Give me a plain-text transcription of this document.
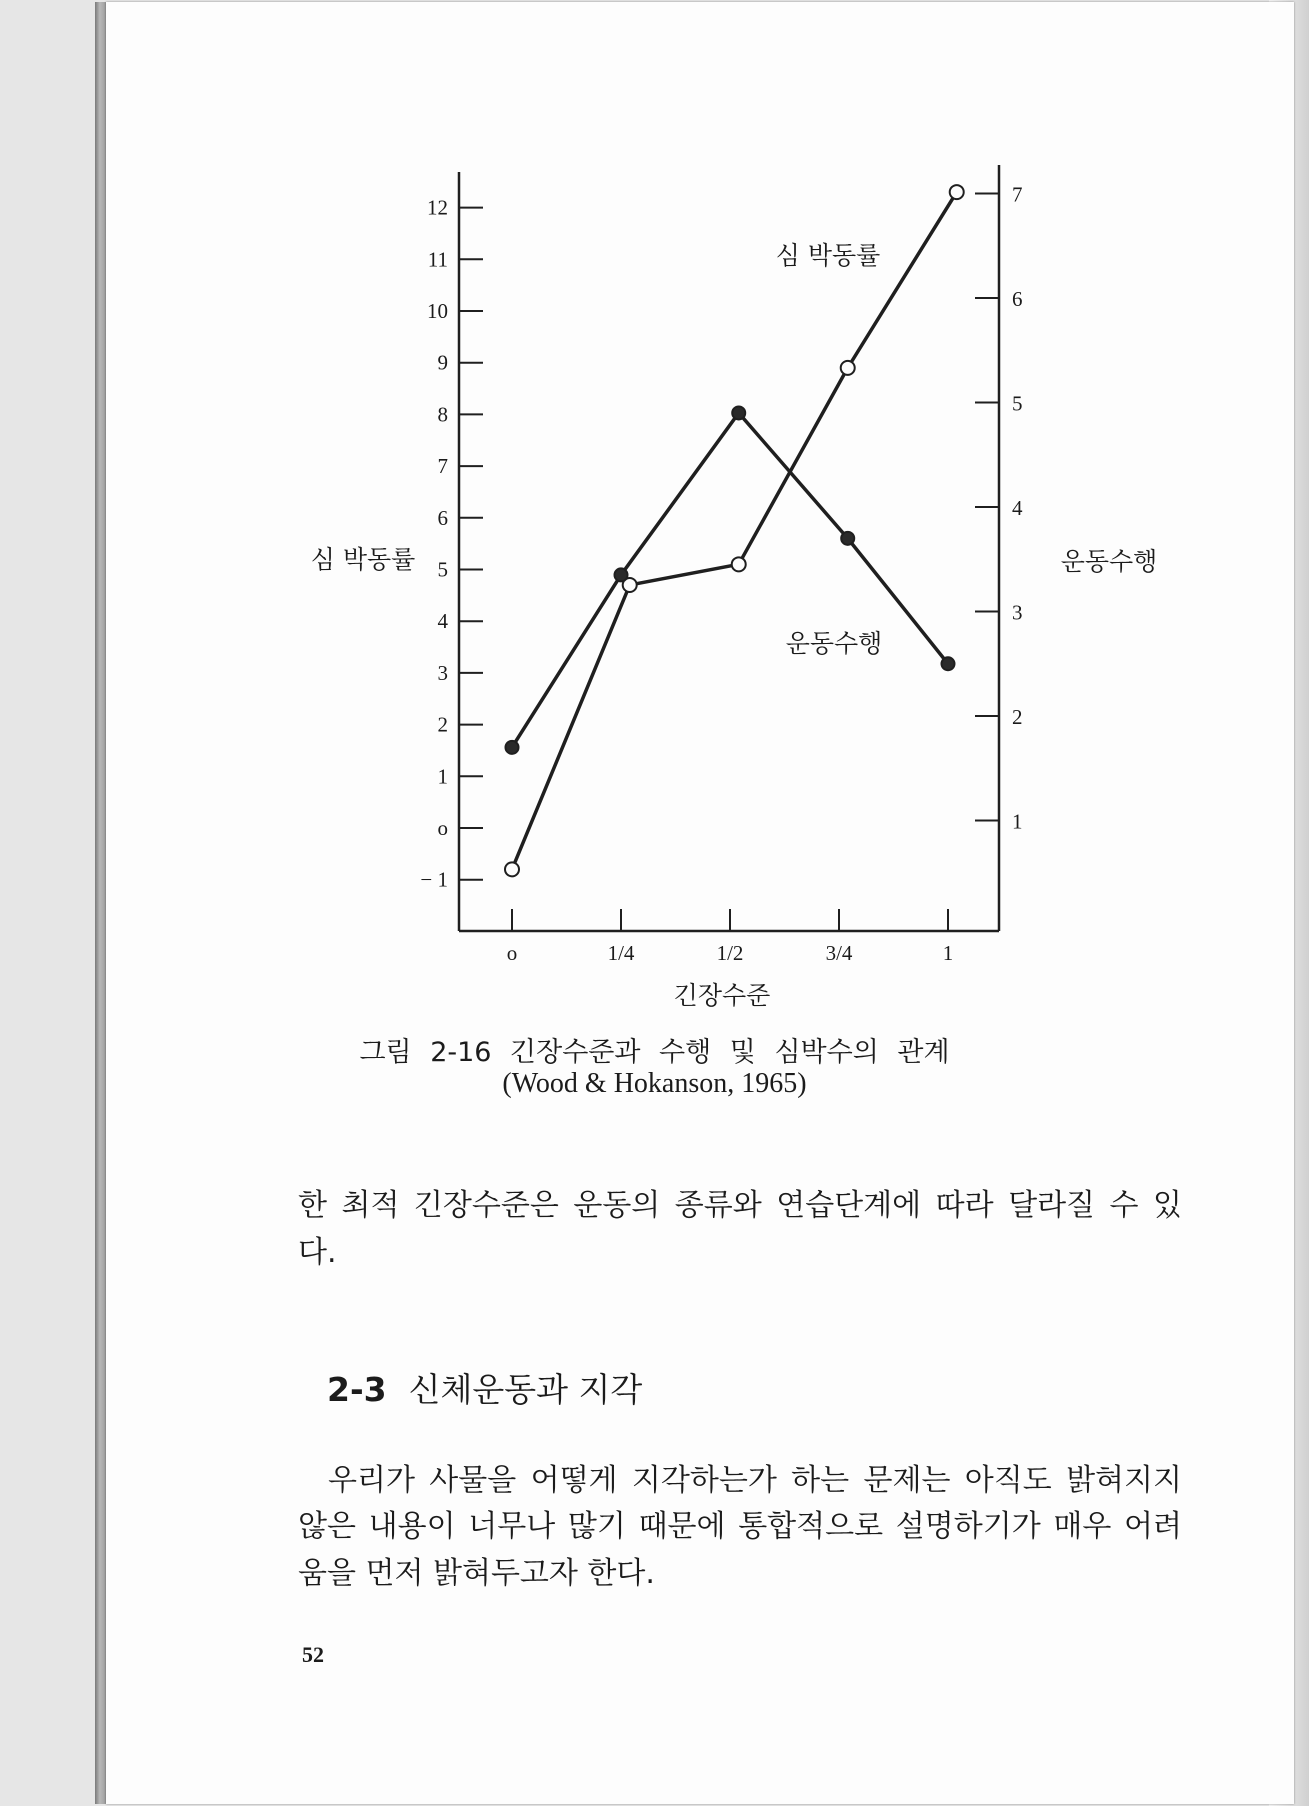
12
11
10
9
8
7
6
5
4
3
2
1
o
− 1
7
6
5
4
3
2
1
o	1/4	1/2	3/4	1
심 박동률	운동수행
긴장수준
심 박동률
운동수행
그림 2-16 긴장수준과 수행 및 심박수의 관계
(Wood & Hokanson, 1965)
한 최적 긴장수준은 운동의 종류와 연습단계에 따라 달라질 수 있
다.
2-3 신체운동과 지각
우리가 사물을 어떻게 지각하는가 하는 문제는 아직도 밝혀지지
않은 내용이 너무나 많기 때문에 통합적으로 설명하기가 매우 어려
움을 먼저 밝혀두고자 한다.
52
